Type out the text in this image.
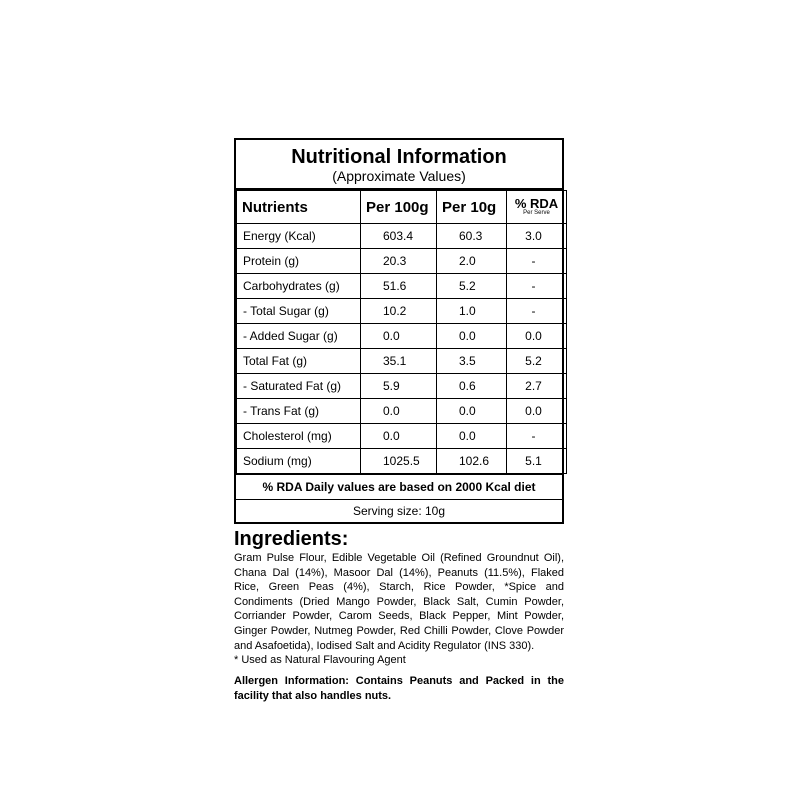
Nutritional Information
(Approximate Values)
Nutrients	Per 100g	Per 10g	% RDA
Per Serve

Energy (Kcal)	603.4	60.3	3.0
Protein (g)	20.3	2.0	-
Carbohydrates (g)	51.6	5.2	-
- Total Sugar (g)	10.2	1.0	-
- Added Sugar (g)	0.0	0.0	0.0
Total Fat (g)	35.1	3.5	5.2
- Saturated Fat (g)	5.9	0.6	2.7
- Trans Fat (g)	0.0	0.0	0.0
Cholesterol (mg)	0.0	0.0	-
Sodium (mg)	1025.5	102.6	5.1
% RDA Daily values are based on 2000 Kcal diet
Serving size: 10g
Ingredients:
Gram Pulse Flour, Edible Vegetable Oil (Refined Groundnut Oil), Chana Dal (14%), Masoor Dal (14%), Peanuts (11.5%), Flaked Rice, Green Peas (4%), Starch, Rice Powder, *Spice and Condiments (Dried Mango Powder, Black Salt, Cumin Powder, Corriander Powder, Carom Seeds, Black Pepper, Mint Powder, Ginger Powder, Nutmeg Powder, Red Chilli Powder, Clove Powder and Asafoetida), Iodised Salt and Acidity Regulator (INS 330).
* Used as Natural Flavouring Agent
Allergen Information: Contains Peanuts and Packed in the facility that also handles nuts.
